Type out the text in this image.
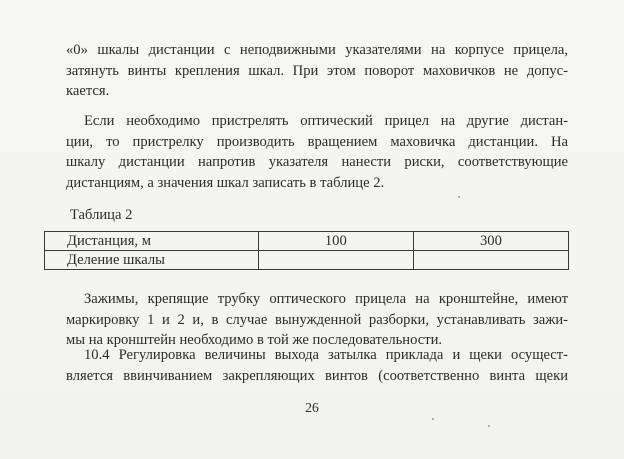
«0» шкалы дистанции с неподвижными указателями на корпусе прицела,
затянуть винты крепления шкал. При этом поворот маховичков не допус-
кается.

Если необходимо пристрелять оптический прицел на другие дистан-
ции, то пристрелку производить вращением маховичка дистанции. На
шкалу дистанции напротив указателя нанести риски, соответствующие
дистанциям, а значения шкал записать в таблице 2.

Таблица 2

Дистанция, м	100	300
Деление шкалы		

Зажимы, крепящие трубку оптического прицела на кронштейне, имеют
маркировку 1 и 2 и, в случае вынужденной разборки, устанавливать зажи-
мы на кронштейн необходимо в той же последовательности.

10.4 Регулировка величины выхода затылка приклада и щеки осущест-
вляется ввинчиванием закрепляющих винтов (соответственно винта щеки

26
